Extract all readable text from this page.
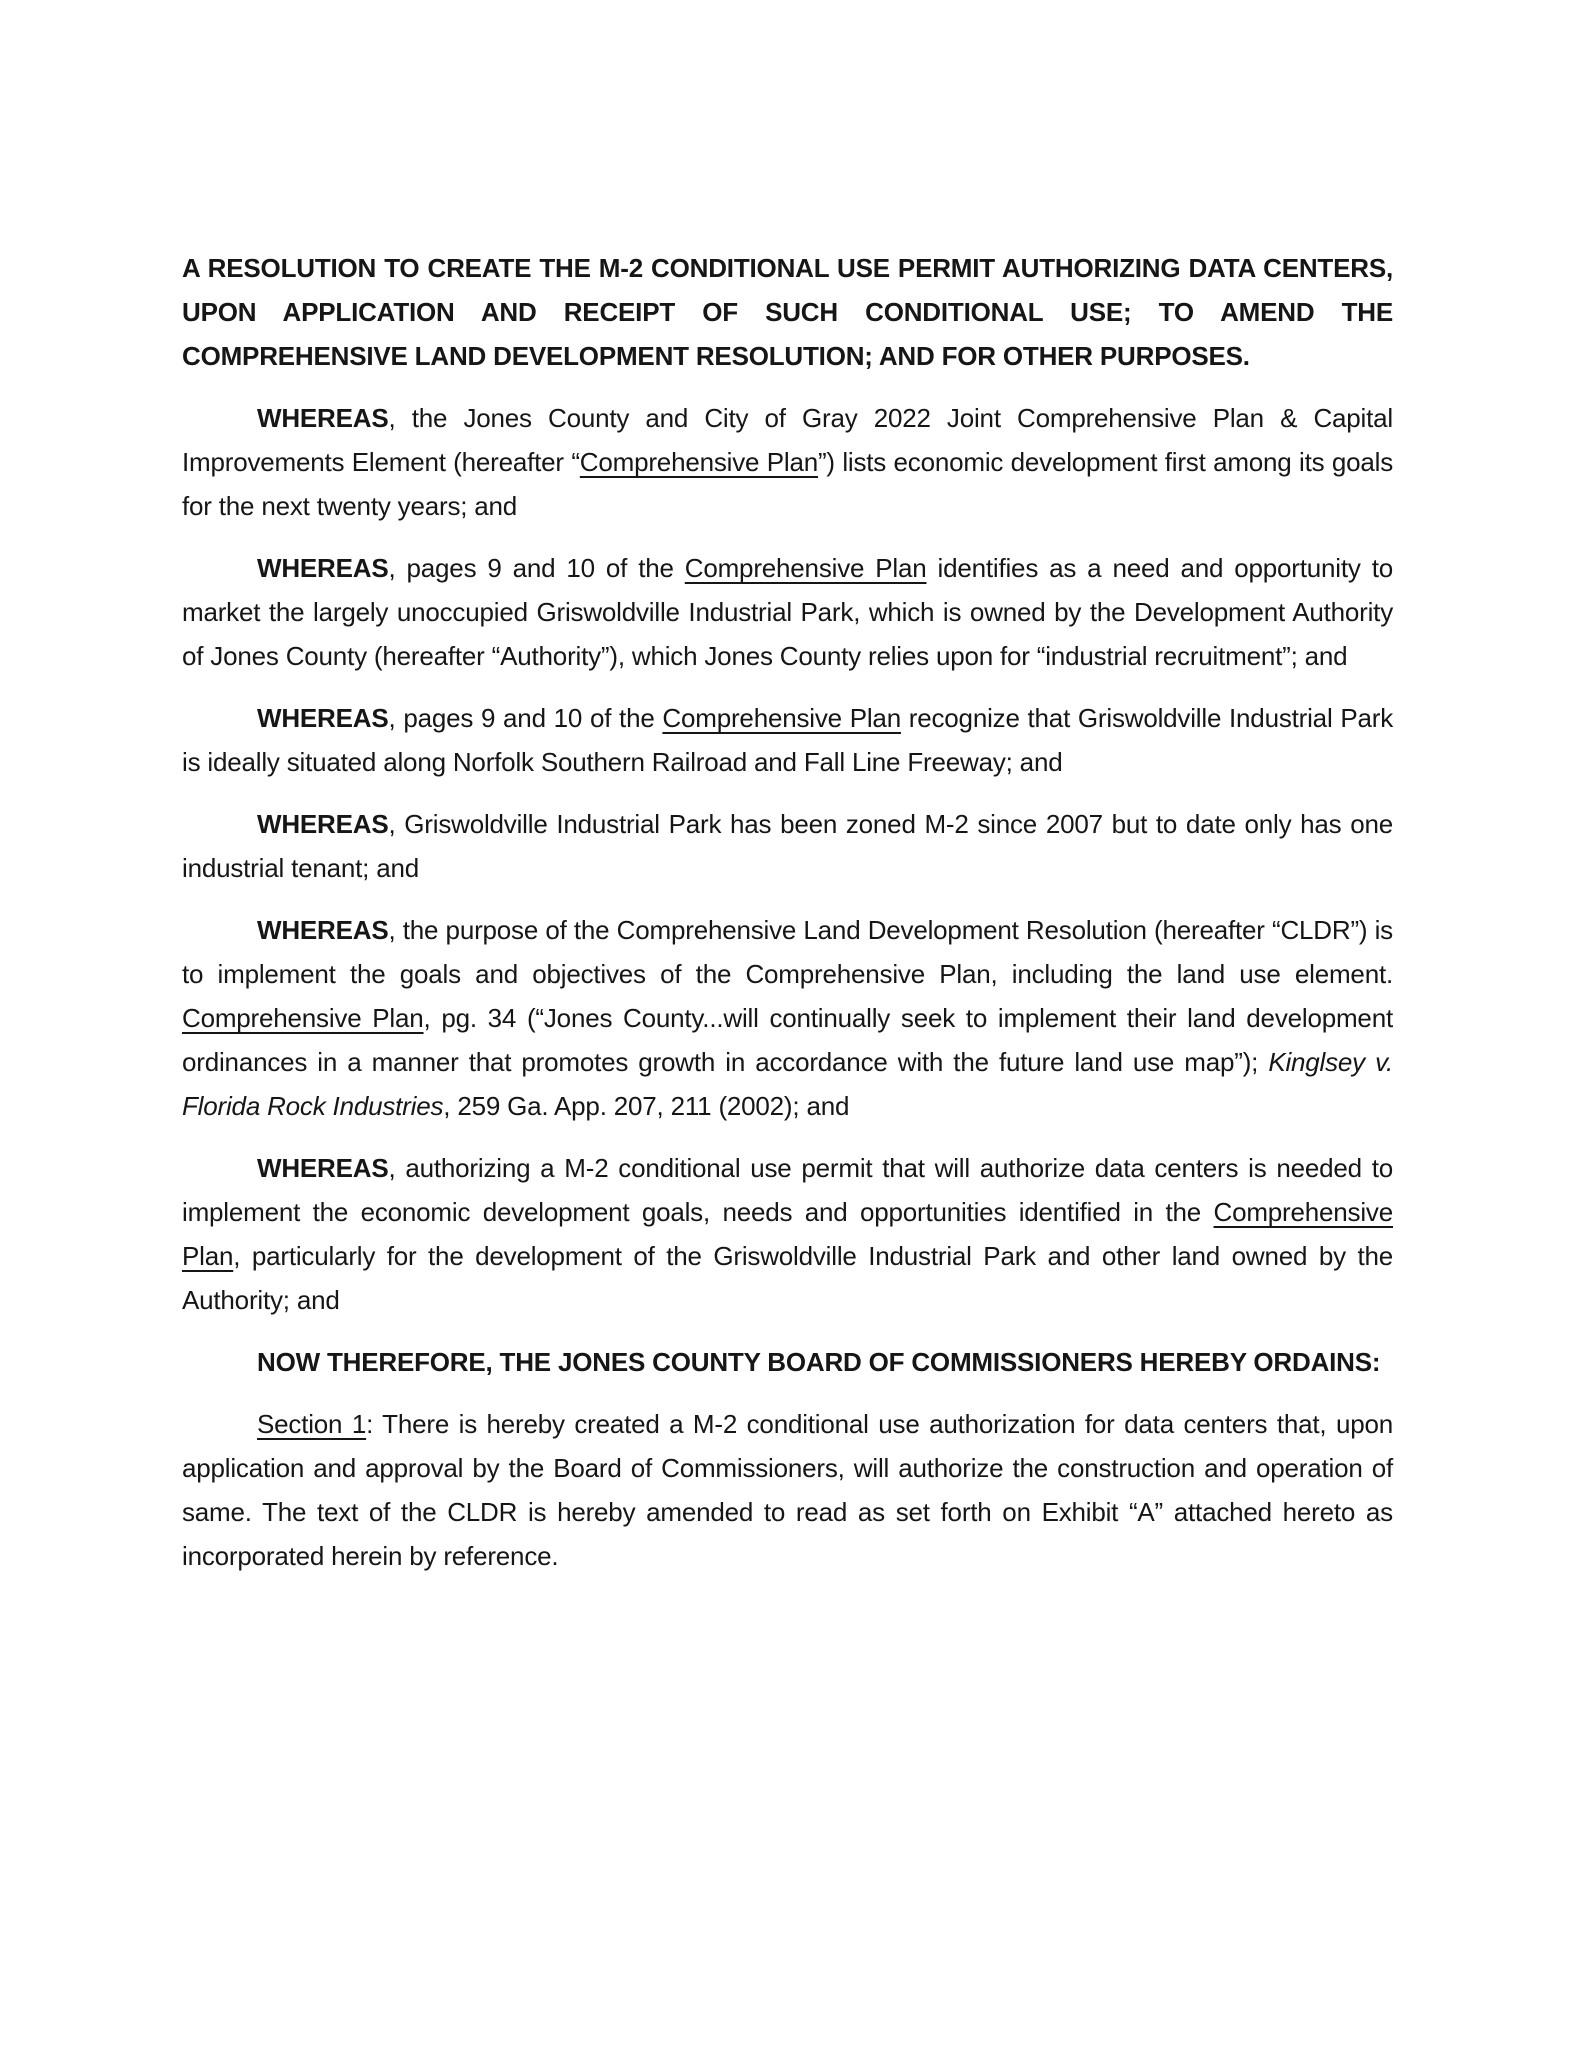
A RESOLUTION TO CREATE THE M-2 CONDITIONAL USE PERMIT AUTHORIZING DATA CENTERS, UPON APPLICATION AND RECEIPT OF SUCH CONDITIONAL USE; TO AMEND THE COMPREHENSIVE LAND DEVELOPMENT RESOLUTION; AND FOR OTHER PURPOSES.

WHEREAS, the Jones County and City of Gray 2022 Joint Comprehensive Plan & Capital Improvements Element (hereafter “Comprehensive Plan”) lists economic development first among its goals for the next twenty years; and

WHEREAS, pages 9 and 10 of the Comprehensive Plan identifies as a need and opportunity to market the largely unoccupied Griswoldville Industrial Park, which is owned by the Development Authority of Jones County (hereafter “Authority”), which Jones County relies upon for “industrial recruitment”; and

WHEREAS, pages 9 and 10 of the Comprehensive Plan recognize that Griswoldville Industrial Park is ideally situated along Norfolk Southern Railroad and Fall Line Freeway; and

WHEREAS, Griswoldville Industrial Park has been zoned M-2 since 2007 but to date only has one industrial tenant; and

WHEREAS, the purpose of the Comprehensive Land Development Resolution (hereafter “CLDR”) is to implement the goals and objectives of the Comprehensive Plan, including the land use element. Comprehensive Plan, pg. 34 (“Jones County...will continually seek to implement their land development ordinances in a manner that promotes growth in accordance with the future land use map”); Kinglsey v. Florida Rock Industries, 259 Ga. App. 207, 211 (2002); and

WHEREAS, authorizing a M-2 conditional use permit that will authorize data centers is needed to implement the economic development goals, needs and opportunities identified in the Comprehensive Plan, particularly for the development of the Griswoldville Industrial Park and other land owned by the Authority; and

NOW THEREFORE, THE JONES COUNTY BOARD OF COMMISSIONERS HEREBY ORDAINS:

Section 1: There is hereby created a M-2 conditional use authorization for data centers that, upon application and approval by the Board of Commissioners, will authorize the construction and operation of same. The text of the CLDR is hereby amended to read as set forth on Exhibit “A” attached hereto as incorporated herein by reference.
